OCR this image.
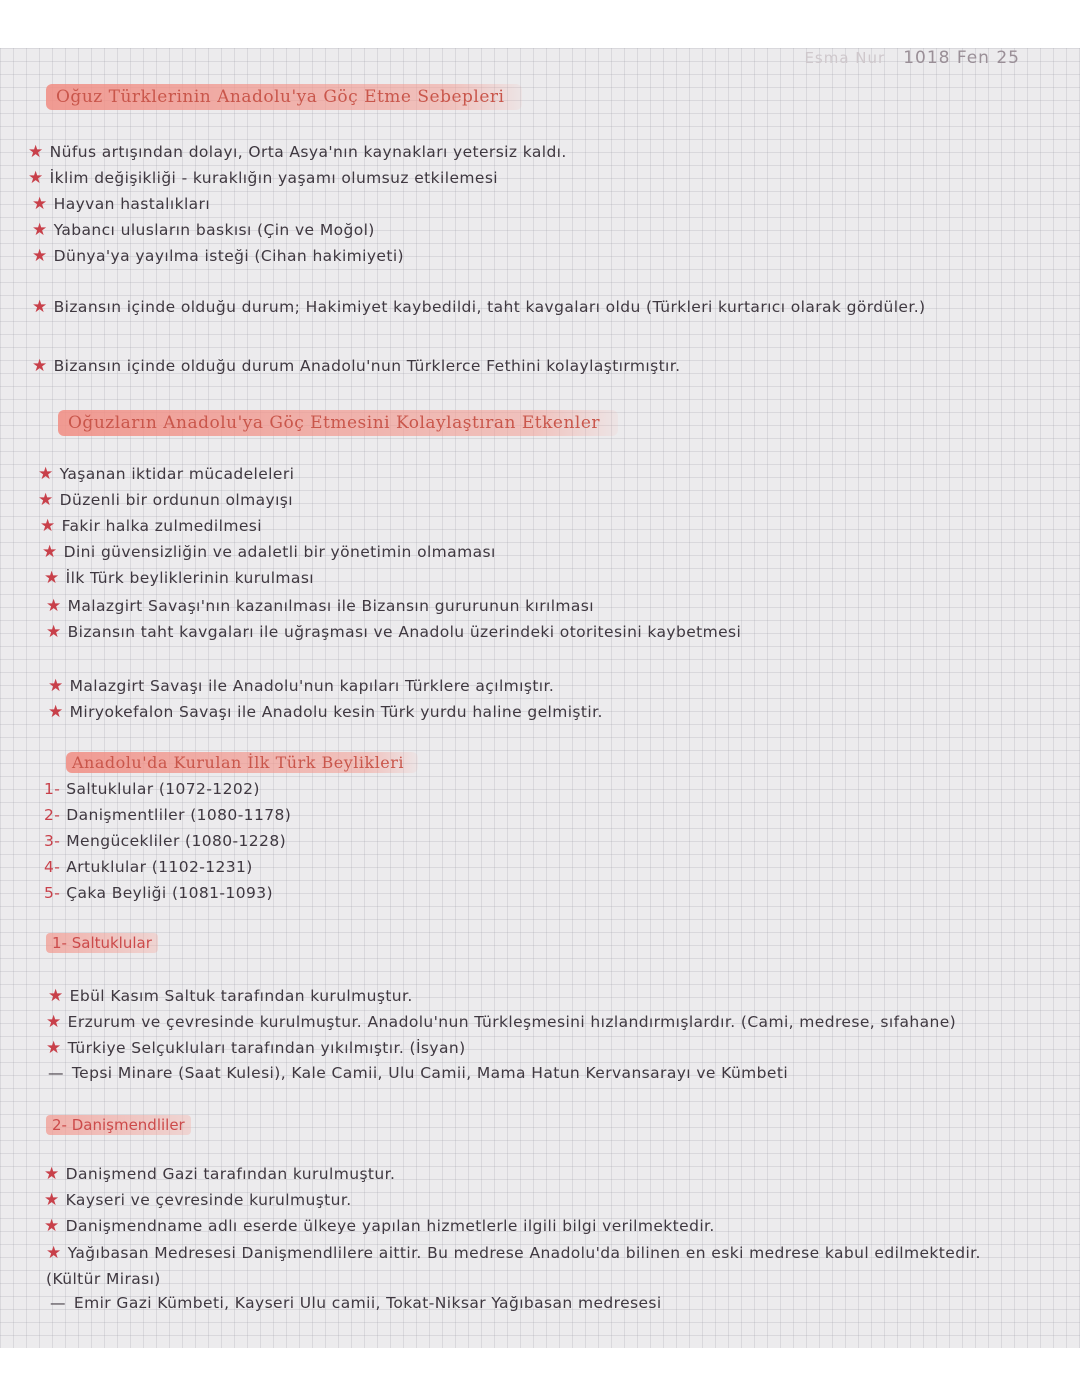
Esma Nur 1018 Fen 25
Oğuz Türklerinin Anadolu'ya Göç Etme Sebepleri
★ Nüfus artışından dolayı, Orta Asya'nın kaynakları yetersiz kaldı.
★ İklim değişikliği - kuraklığın yaşamı olumsuz etkilemesi
★ Hayvan hastalıkları
★ Yabancı ulusların baskısı (Çin ve Moğol)
★ Dünya'ya yayılma isteği (Cihan hakimiyeti)
★ Bizansın içinde olduğu durum; Hakimiyet kaybedildi, taht kavgaları oldu (Türkleri kurtarıcı olarak gördüler.)
★ Bizansın içinde olduğu durum Anadolu'nun Türklerce Fethini kolaylaştırmıştır.
Oğuzların Anadolu'ya Göç Etmesini Kolaylaştıran Etkenler
★ Yaşanan iktidar mücadeleleri
★ Düzenli bir ordunun olmayışı
★ Fakir halka zulmedilmesi
★ Dini güvensizliğin ve adaletli bir yönetimin olmaması
★ İlk Türk beyliklerinin kurulması
★ Malazgirt Savaşı'nın kazanılması ile Bizansın gururunun kırılması
★ Bizansın taht kavgaları ile uğraşması ve Anadolu üzerindeki otoritesini kaybetmesi
★ Malazgirt Savaşı ile Anadolu'nun kapıları Türklere açılmıştır.
★ Miryokefalon Savaşı ile Anadolu kesin Türk yurdu haline gelmiştir.
Anadolu'da Kurulan İlk Türk Beylikleri
1- Saltuklular (1072-1202)
2- Danişmentliler (1080-1178)
3- Mengücekliler (1080-1228)
4- Artuklular (1102-1231)
5- Çaka Beyliği (1081-1093)
1- Saltuklular
★ Ebül Kasım Saltuk tarafından kurulmuştur.
★ Erzurum ve çevresinde kurulmuştur. Anadolu'nun Türkleşmesini hızlandırmışlardır. (Cami, medrese, sıfahane)
★ Türkiye Selçukluları tarafından yıkılmıştır. (İsyan)
— Tepsi Minare (Saat Kulesi), Kale Camii, Ulu Camii, Mama Hatun Kervansarayı ve Kümbeti
2- Danişmendliler
★ Danişmend Gazi tarafından kurulmuştur.
★ Kayseri ve çevresinde kurulmuştur.
★ Danişmendname adlı eserde ülkeye yapılan hizmetlerle ilgili bilgi verilmektedir.
★ Yağıbasan Medresesi Danişmendlilere aittir. Bu medrese Anadolu'da bilinen en eski medrese kabul edilmektedir. (Kültür Mirası)
— Emir Gazi Kümbeti, Kayseri Ulu camii, Tokat-Niksar Yağıbasan medresesi
